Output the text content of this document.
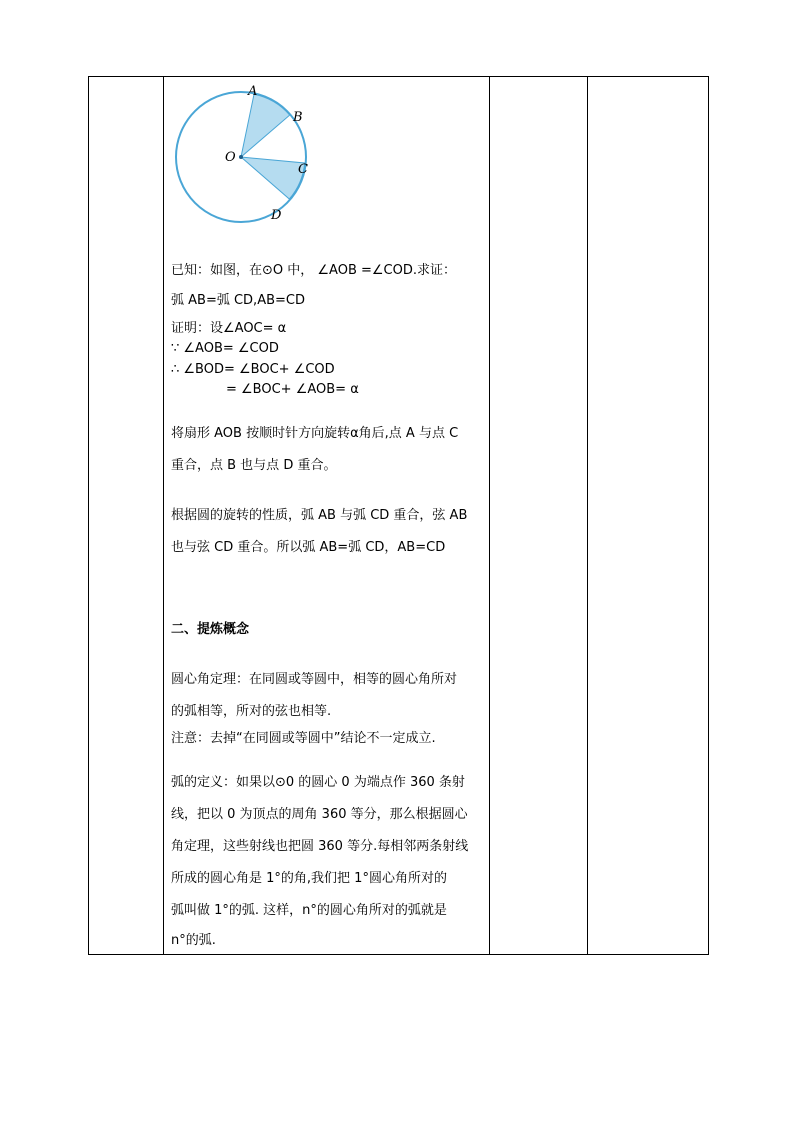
A
B
O
C
D
已知：如图，在⊙O 中， ∠AOB =∠COD.求证：
弧 AB=弧 CD,AB=CD
证明：设∠AOC= α
∵ ∠AOB= ∠COD
∴ ∠BOD= ∠BOC+ ∠COD
= ∠BOC+ ∠AOB= α
将扇形 AOB 按顺时针方向旋转α角后,点 A 与点 C
重合，点 B 也与点 D 重合。
根据圆的旋转的性质，弧 AB 与弧 CD 重合，弦 AB
也与弦 CD 重合。所以弧 AB=弧 CD，AB=CD
二、提炼概念
圆心角定理：在同圆或等圆中，相等的圆心角所对
的弧相等，所对的弦也相等.
注意：去掉“在同圆或等圆中”结论不一定成立.
弧的定义：如果以⊙0 的圆心 0 为端点作 360 条射
线，把以 0 为顶点的周角 360 等分，那么根据圆心
角定理，这些射线也把圆 360 等分.每相邻两条射线
所成的圆心角是 1°的角,我们把 1°圆心角所对的
弧叫做 1°的弧. 这样，n°的圆心角所对的弧就是
n°的弧.
